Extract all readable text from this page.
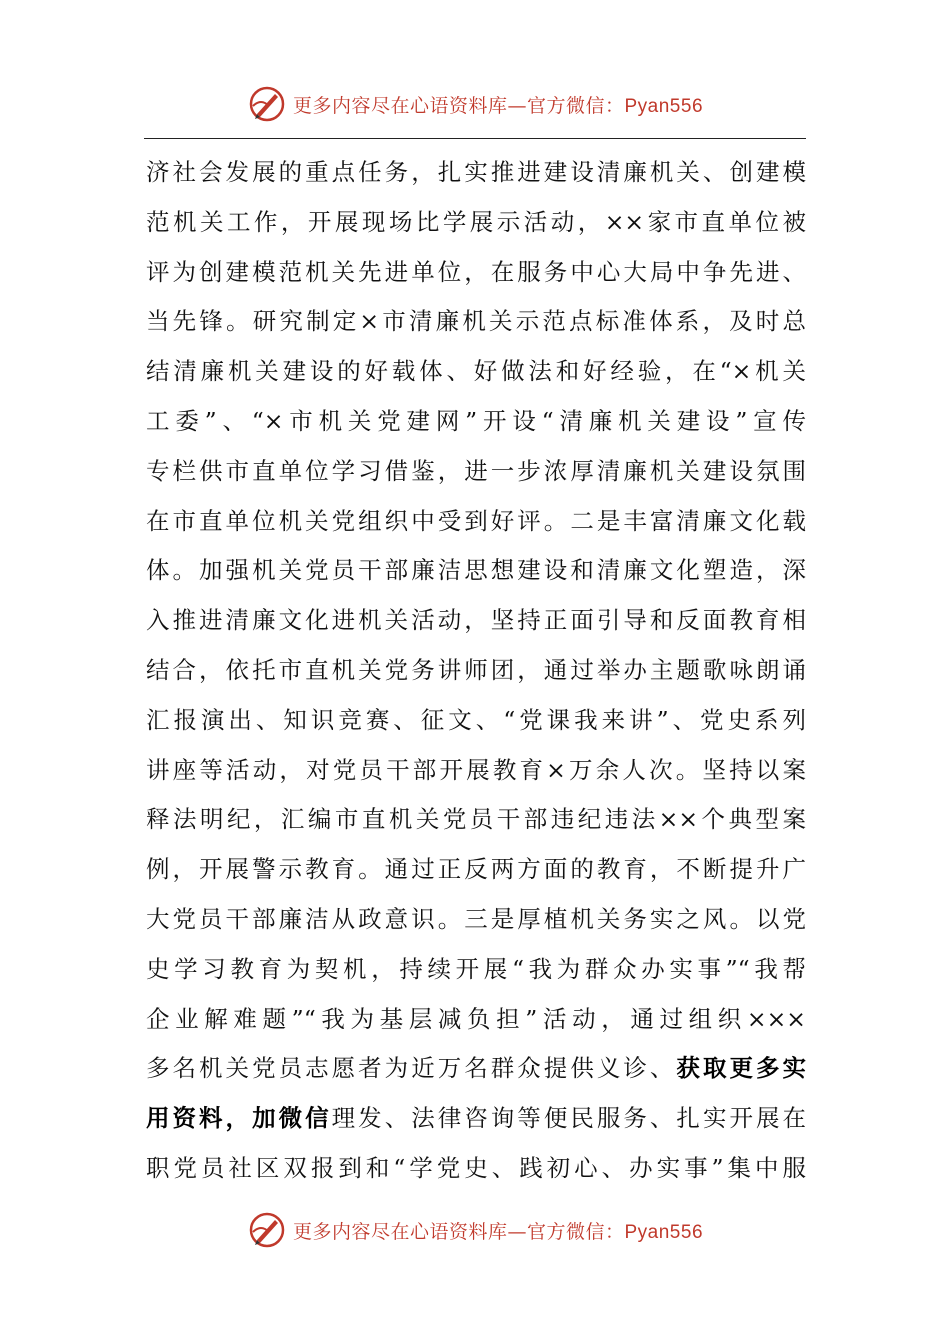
更多内容尽在心语资料库—官方微信：Pyan556
济社会发展的重点任务，扎实推进建设清廉机关、创建模
范机关工作，开展现场比学展示活动，××家市直单位被
评为创建模范机关先进单位，在服务中心大局中争先进、
当先锋。研究制定×市清廉机关示范点标准体系，及时总
结清廉机关建设的好载体、好做法和好经验，在“×机关
工委”、“×市机关党建网”开设“清廉机关建设”宣传
专栏供市直单位学习借鉴，进一步浓厚清廉机关建设氛围
在市直单位机关党组织中受到好评。二是丰富清廉文化载
体。加强机关党员干部廉洁思想建设和清廉文化塑造，深
入推进清廉文化进机关活动，坚持正面引导和反面教育相
结合，依托市直机关党务讲师团，通过举办主题歌咏朗诵
汇报演出、知识竞赛、征文、“党课我来讲”、党史系列
讲座等活动，对党员干部开展教育×万余人次。坚持以案
释法明纪，汇编市直机关党员干部违纪违法××个典型案
例，开展警示教育。通过正反两方面的教育，不断提升广
大党员干部廉洁从政意识。三是厚植机关务实之风。以党
史学习教育为契机，持续开展“我为群众办实事”“我帮
企业解难题”“我为基层减负担”活动，通过组织×××
多名机关党员志愿者为近万名群众提供义诊、获取更多实
用资料，加微信理发、法律咨询等便民服务、扎实开展在
职党员社区双报到和“学党史、践初心、办实事”集中服
更多内容尽在心语资料库—官方微信：Pyan556
